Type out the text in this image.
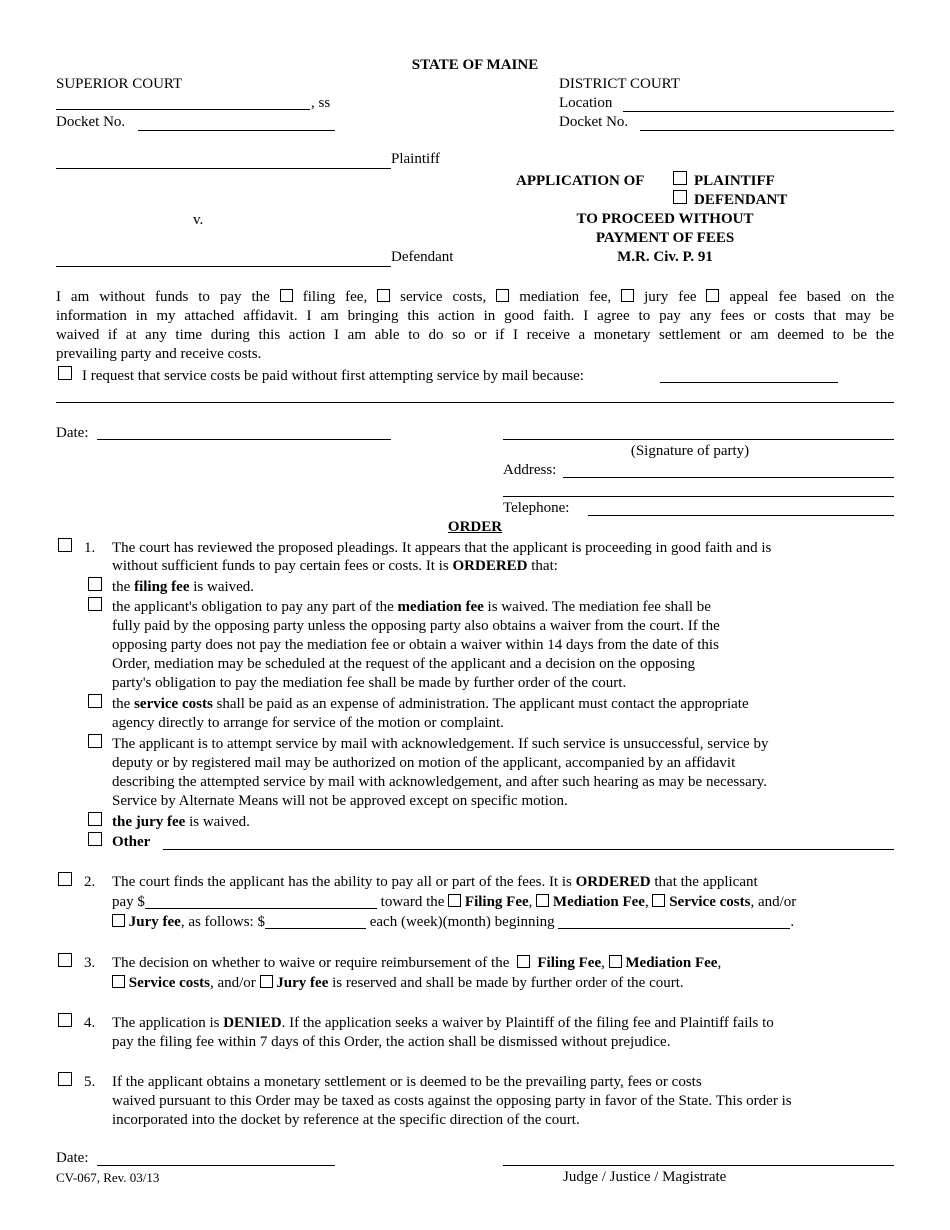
STATE OF MAINE
SUPERIOR COURT	DISTRICT COURT
, ss	Location
Docket No.	Docket No.
Plaintiff
v.
Defendant
APPLICATION OF	PLAINTIFF
DEFENDANT
TO PROCEED WITHOUT
PAYMENT OF FEES
M.R. Civ. P. 91
I am without funds to pay the filing fee, service costs, mediation fee, jury fee appeal fee based on the
information in my attached affidavit. I am bringing this action in good faith. I agree to pay any fees or costs that may be
waived if at any time during this action I am able to do so or if I receive a monetary settlement or am deemed to be the
prevailing party and receive costs.
I request that service costs be paid without first attempting service by mail because:
Date:
(Signature of party)
Address:
Telephone:
ORDER
1. The court has reviewed the proposed pleadings. It appears that the applicant is proceeding in good faith and is
without sufficient funds to pay certain fees or costs. It is ORDERED that:
the filing fee is waived.
the applicant's obligation to pay any part of the mediation fee is waived. The mediation fee shall be
fully paid by the opposing party unless the opposing party also obtains a waiver from the court. If the
opposing party does not pay the mediation fee or obtain a waiver within 14 days from the date of this
Order, mediation may be scheduled at the request of the applicant and a decision on the opposing
party's obligation to pay the mediation fee shall be made by further order of the court.
the service costs shall be paid as an expense of administration. The applicant must contact the appropriate
agency directly to arrange for service of the motion or complaint.
The applicant is to attempt service by mail with acknowledgement. If such service is unsuccessful, service by
deputy or by registered mail may be authorized on motion of the applicant, accompanied by an affidavit
describing the attempted service by mail with acknowledgement, and after such hearing as may be necessary.
Service by Alternate Means will not be approved except on specific motion.
the jury fee is waived.
Other
2. The court finds the applicant has the ability to pay all or part of the fees. It is ORDERED that the applicant
pay $	toward the Filing Fee,  Mediation Fee,  Service costs, and/or
Jury fee, as follows: $	each (week)(month) beginning	.
3. The decision on whether to waive or require reimbursement of the Filing Fee,  Mediation Fee,
Service costs, and/or Jury fee is reserved and shall be made by further order of the court.
4. The application is DENIED. If the application seeks a waiver by Plaintiff of the filing fee and Plaintiff fails to
pay the filing fee within 7 days of this Order, the action shall be dismissed without prejudice.
5. If the applicant obtains a monetary settlement or is deemed to be the prevailing party, fees or costs
waived pursuant to this Order may be taxed as costs against the opposing party in favor of the State. This order is
incorporated into the docket by reference at the specific direction of the court.
Date:
CV-067, Rev. 03/13	Judge / Justice / Magistrate
